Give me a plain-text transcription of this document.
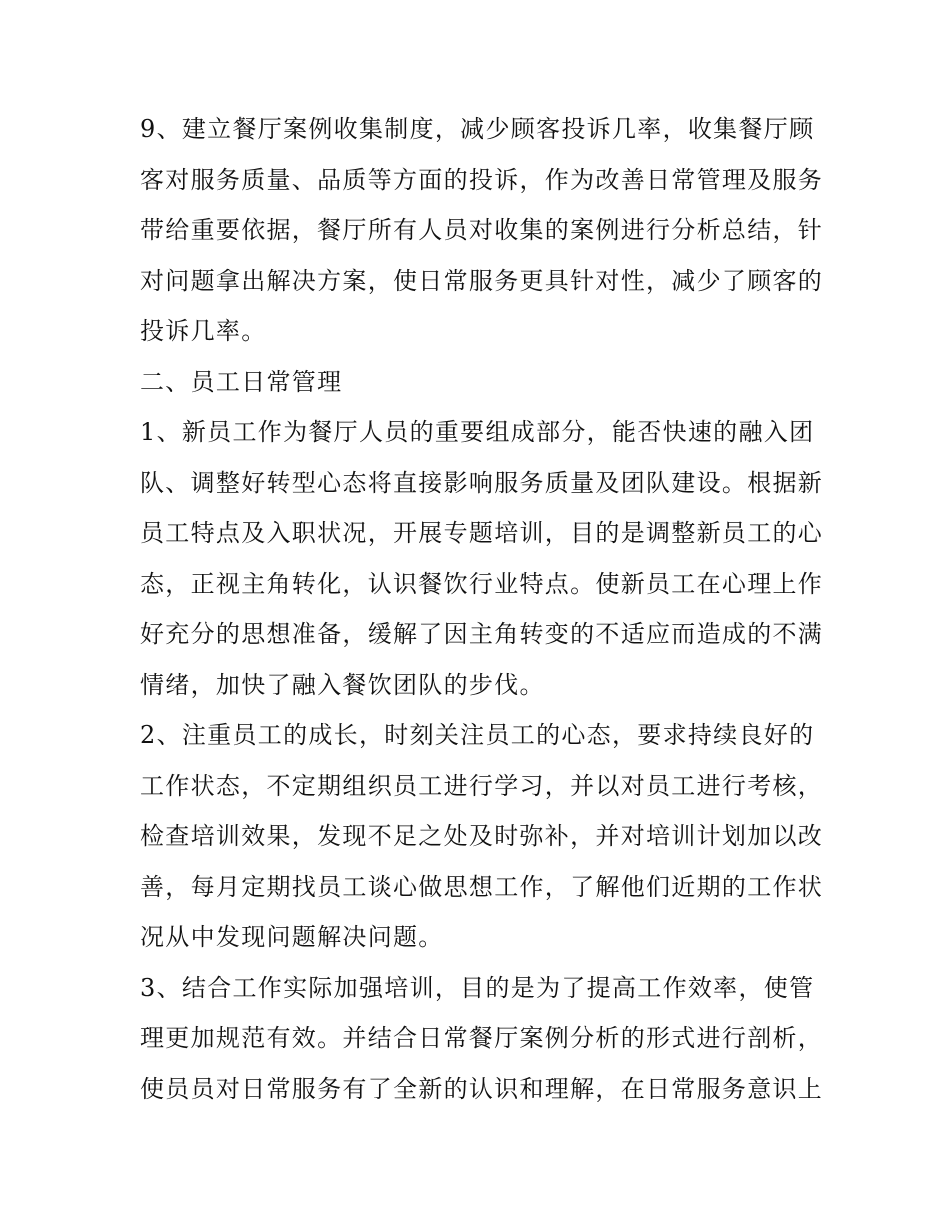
9、建立餐厅案例收集制度，减少顾客投诉几率，收集餐厅顾
客对服务质量、品质等方面的投诉，作为改善日常管理及服务
带给重要依据，餐厅所有人员对收集的案例进行分析总结，针
对问题拿出解决方案，使日常服务更具针对性，减少了顾客的
投诉几率。
二、员工日常管理
1、新员工作为餐厅人员的重要组成部分，能否快速的融入团
队、调整好转型心态将直接影响服务质量及团队建设。根据新
员工特点及入职状况，开展专题培训，目的是调整新员工的心
态，正视主角转化，认识餐饮行业特点。使新员工在心理上作
好充分的思想准备，缓解了因主角转变的不适应而造成的不满
情绪，加快了融入餐饮团队的步伐。
2、注重员工的成长，时刻关注员工的心态，要求持续良好的
工作状态，不定期组织员工进行学习，并以对员工进行考核，
检查培训效果，发现不足之处及时弥补，并对培训计划加以改
善，每月定期找员工谈心做思想工作，了解他们近期的工作状
况从中发现问题解决问题。
3、结合工作实际加强培训，目的是为了提高工作效率，使管
理更加规范有效。并结合日常餐厅案例分析的形式进行剖析，
使员员对日常服务有了全新的认识和理解，在日常服务意识上
